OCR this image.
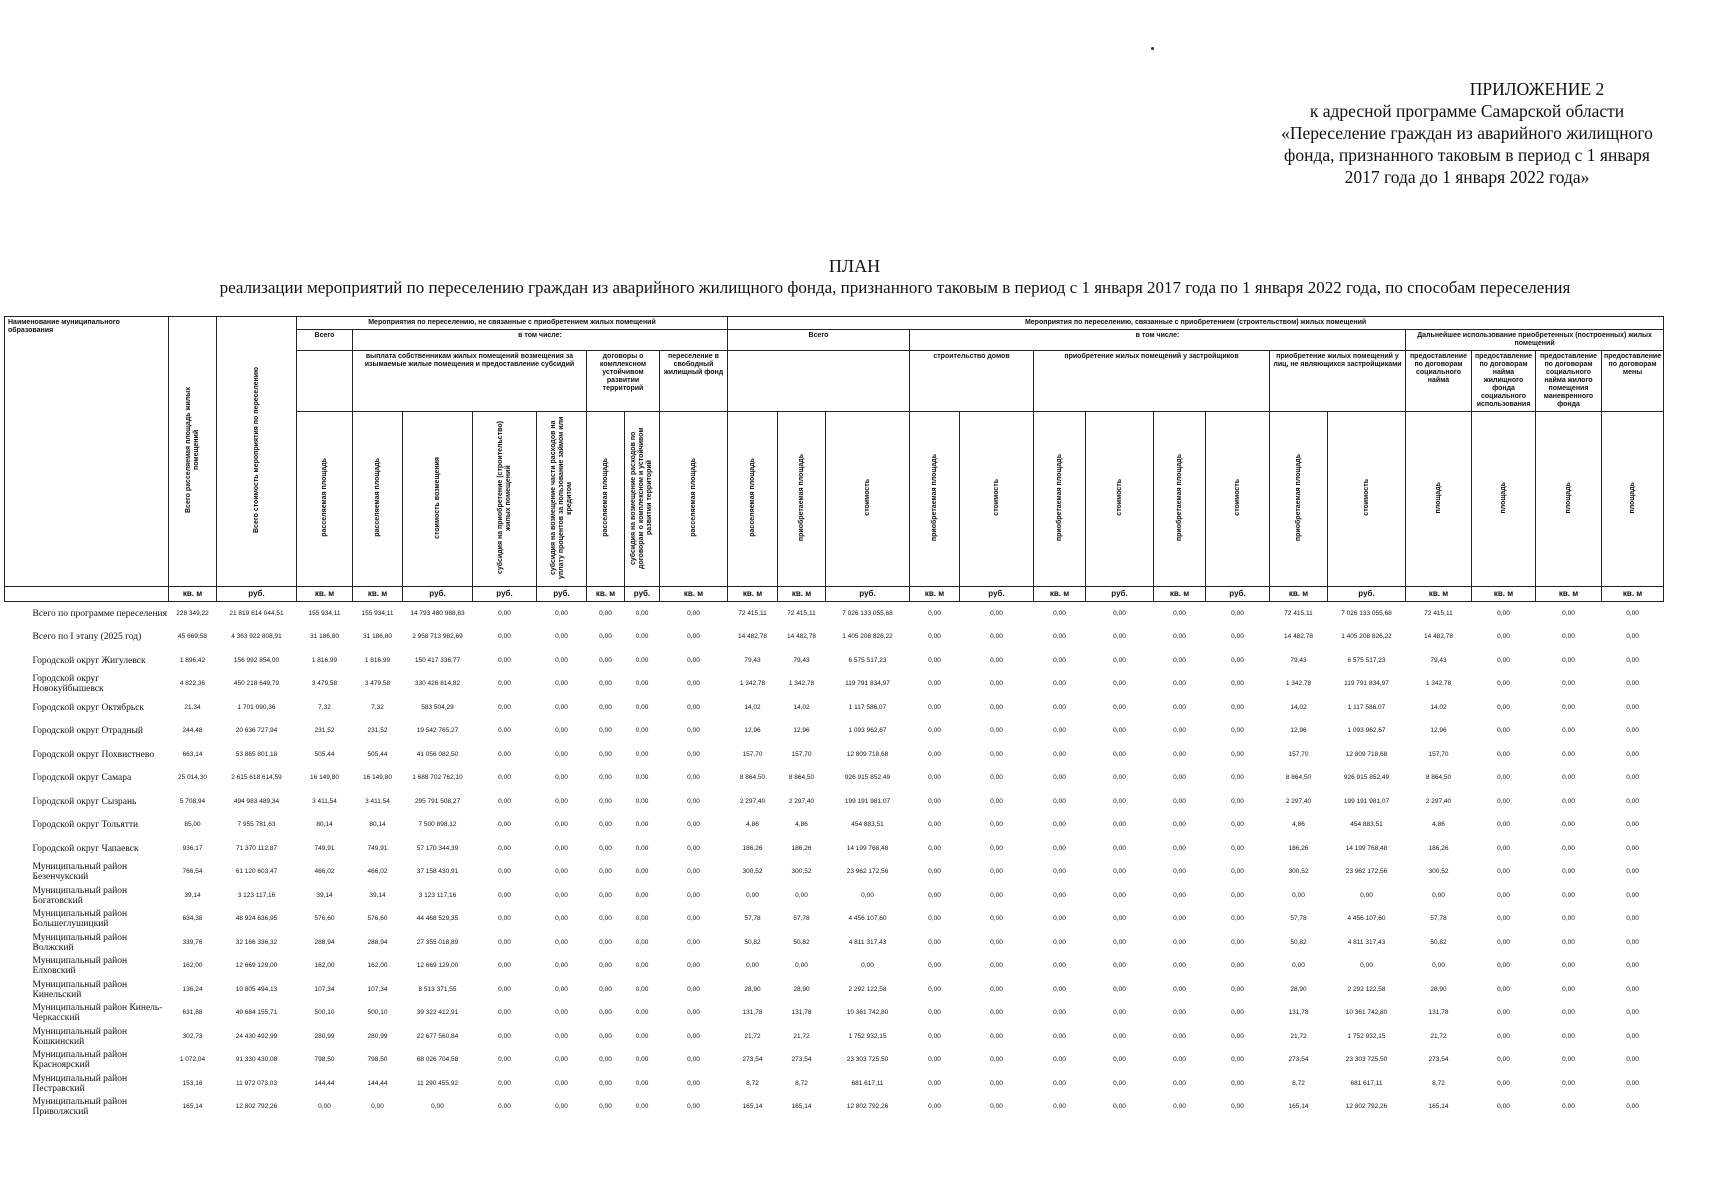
ПРИЛОЖЕНИЕ 2
к адресной программе Самарской области
«Переселение граждан из аварийного жилищного
фонда, признанного таковым в период с 1 января
2017 года до 1 января 2022 года»
ПЛАН
реализации мероприятий по переселению граждан из аварийного жилищного фонда, признанного таковым в период с 1 января 2017 года по 1 января 2022 года, по способам переселения
Наименование муниципального образования	Всего расселяемая площадь жилых помещений	Всего стоимость мероприятия по переселению	Мероприятия по переселению, не связанные с приобретением жилых помещений								Мероприятия по переселению, связанные с приобретением (строительством) жилых помещений														
			Всего	в том числе:							Всего			в том числе:								Дальнейшее использование приобретенных (построенных) жилых помещений			
				выплата собственникам жилых помещений возмещения за изымаемые жилые помещения и предоставление субсидий				договоры о комплексном устойчивом развитии территорий		переселение в свободный жилищный фонд				строительство домов		приобретение жилых помещений у застройщиков				приобретение жилых помещений у лиц, не являющихся застройщиками		предоставление по договорам социального найма	предоставление по договорам найма жилищного фонда социального использования	предоставление по договорам социального найма жилого помещения маневренного фонда	предоставление по договорам мены
			расселяемая площадь	расселяемая площадь	стоимость возмещения	субсидия на приобретение (строительство) жилых помещений	субсидия на возмещение части расходов на уплату процентов за пользование займом или кредитом	расселяемая площадь	субсидия на возмещение расходов по договорам о комплексном и устойчивом развитии территорий	расселяемая площадь	расселяемая площадь	приобретаемая площадь	стоимость	приобретаемая площадь	стоимость	приобретаемая площадь	стоимость	приобретаемая площадь	стоимость	приобретаемая площадь	стоимость	площадь	площадь	площадь	площадь
	кв. м	руб.	кв. м	кв. м	руб.	руб.	руб.	кв. м	руб.	кв. м	кв. м	кв. м	руб.	кв. м	руб.	кв. м	руб.	кв. м	руб.	кв. м	руб.	кв. м	кв. м	кв. м	кв. м
Всего по программе переселения	228 349,22	21 819 614 044,51	155 934,11	155 934,11	14 793 480 988,83	0,00	0,00	0,00	0,00	0,00	72 415,11	72 415,11	7 026 133 055,68	0,00	0,00	0,00	0,00	0,00	0,00	72 415,11	7 026 133 055,68	72 415,11	0,00	0,00	0,00
Всего по I этапу (2025 год)	45 669,58	4 363 922 808,91	31 186,80	31 186,80	2 958 713 982,69	0,00	0,00	0,00	0,00	0,00	14 482,78	14 482,78	1 405 208 826,22	0,00	0,00	0,00	0,00	0,00	0,00	14 482,78	1 405 208 826,22	14 482,78	0,00	0,00	0,00
Городской округ Жигулевск	1 896,42	156 992 854,00	1 816,99	1 816,99	150 417 336,77	0,00	0,00	0,00	0,00	0,00	79,43	79,43	6 575 517,23	0,00	0,00	0,00	0,00	0,00	0,00	79,43	6 575 517,23	79,43	0,00	0,00	0,00
Городской округ Новокуйбышевск	4 822,36	450 218 649,79	3 479,58	3 479,58	330 426 814,82	0,00	0,00	0,00	0,00	0,00	1 342,78	1 342,78	119 791 834,97	0,00	0,00	0,00	0,00	0,00	0,00	1 342,78	119 791 834,97	1 342,78	0,00	0,00	0,00
Городской округ Октябрьск	21,34	1 701 090,36	7,32	7,32	583 504,29	0,00	0,00	0,00	0,00	0,00	14,02	14,02	1 117 586,07	0,00	0,00	0,00	0,00	0,00	0,00	14,02	1 117 586,07	14,02	0,00	0,00	0,00
Городской округ Отрадный	244,48	20 636 727,94	231,52	231,52	19 542 765,27	0,00	0,00	0,00	0,00	0,00	12,96	12,96	1 093 962,67	0,00	0,00	0,00	0,00	0,00	0,00	12,96	1 093 962,67	12,96	0,00	0,00	0,00
Городской округ Похвистнево	663,14	53 865 801,18	505,44	505,44	41 056 082,50	0,00	0,00	0,00	0,00	0,00	157,70	157,70	12 809 718,68	0,00	0,00	0,00	0,00	0,00	0,00	157,70	12 809 718,68	157,70	0,00	0,00	0,00
Городской округ Самара	25 014,30	2 615 618 614,59	16 149,80	16 149,80	1 688 702 762,10	0,00	0,00	0,00	0,00	0,00	8 864,50	8 864,50	926 915 852,49	0,00	0,00	0,00	0,00	0,00	0,00	8 864,50	926 915 852,49	8 864,50	0,00	0,00	0,00
Городской округ Сызрань	5 708,94	494 983 489,34	3 411,54	3 411,54	295 791 508,27	0,00	0,00	0,00	0,00	0,00	2 297,40	2 297,40	199 191 981,07	0,00	0,00	0,00	0,00	0,00	0,00	2 297,40	199 191 981,07	2 297,40	0,00	0,00	0,00
Городской округ Тольятти	85,00	7 955 781,63	80,14	80,14	7 500 898,12	0,00	0,00	0,00	0,00	0,00	4,86	4,86	454 883,51	0,00	0,00	0,00	0,00	0,00	0,00	4,86	454 883,51	4,86	0,00	0,00	0,00
Городской округ Чапаевск	936,17	71 370 112,87	749,91	749,91	57 170 344,39	0,00	0,00	0,00	0,00	0,00	186,26	186,26	14 199 768,48	0,00	0,00	0,00	0,00	0,00	0,00	186,26	14 199 768,48	186,26	0,00	0,00	0,00
Муниципальный район Безенчукский	766,54	61 120 603,47	466,02	466,02	37 158 430,91	0,00	0,00	0,00	0,00	0,00	300,52	300,52	23 962 172,56	0,00	0,00	0,00	0,00	0,00	0,00	300,52	23 962 172,56	300,52	0,00	0,00	0,00
Муниципальный район Богатовский	39,14	3 123 117,16	39,14	39,14	3 123 117,16	0,00	0,00	0,00	0,00	0,00	0,00	0,00	0,00	0,00	0,00	0,00	0,00	0,00	0,00	0,00	0,00	0,00	0,00	0,00	0,00
Муниципальный район Большеглушицкий	634,38	48 924 636,95	576,60	576,60	44 468 529,35	0,00	0,00	0,00	0,00	0,00	57,78	57,78	4 456 107,60	0,00	0,00	0,00	0,00	0,00	0,00	57,78	4 456 107,60	57,78	0,00	0,00	0,00
Муниципальный район Волжский	339,76	32 166 336,32	288,94	288,94	27 355 018,89	0,00	0,00	0,00	0,00	0,00	50,82	50,82	4 811 317,43	0,00	0,00	0,00	0,00	0,00	0,00	50,82	4 811 317,43	50,82	0,00	0,00	0,00
Муниципальный район Елховский	162,00	12 669 129,00	162,00	162,00	12 669 129,00	0,00	0,00	0,00	0,00	0,00	0,00	0,00	0,00	0,00	0,00	0,00	0,00	0,00	0,00	0,00	0,00	0,00	0,00	0,00	0,00
Муниципальный район Кинельский	136,24	10 805 494,13	107,34	107,34	8 513 371,55	0,00	0,00	0,00	0,00	0,00	28,90	28,90	2 292 122,58	0,00	0,00	0,00	0,00	0,00	0,00	28,90	2 292 122,58	28,90	0,00	0,00	0,00
Муниципальный район Кинель-Черкасский	631,88	49 684 155,71	500,10	500,10	39 322 412,91	0,00	0,00	0,00	0,00	0,00	131,78	131,78	10 361 742,80	0,00	0,00	0,00	0,00	0,00	0,00	131,78	10 361 742,80	131,78	0,00	0,00	0,00
Муниципальный район Кошкинский	302,73	24 430 492,99	280,99	280,99	22 677 560,84	0,00	0,00	0,00	0,00	0,00	21,72	21,72	1 752 932,15	0,00	0,00	0,00	0,00	0,00	0,00	21,72	1 752 932,15	21,72	0,00	0,00	0,00
Муниципальный район Красноярский	1 072,04	91 330 430,08	798,50	798,50	68 026 704,58	0,00	0,00	0,00	0,00	0,00	273,54	273,54	23 303 725,50	0,00	0,00	0,00	0,00	0,00	0,00	273,54	23 303 725,50	273,54	0,00	0,00	0,00
Муниципальный район Пестравский	153,16	11 972 073,03	144,44	144,44	11 290 455,92	0,00	0,00	0,00	0,00	0,00	8,72	8,72	681 617,11	0,00	0,00	0,00	0,00	0,00	0,00	8,72	681 617,11	8,72	0,00	0,00	0,00
Муниципальный район Приволжский	165,14	12 802 792,26	0,00	0,00	0,00	0,00	0,00	0,00	0,00	0,00	165,14	165,14	12 802 792,26	0,00	0,00	0,00	0,00	0,00	0,00	165,14	12 802 792,26	165,14	0,00	0,00	0,00
